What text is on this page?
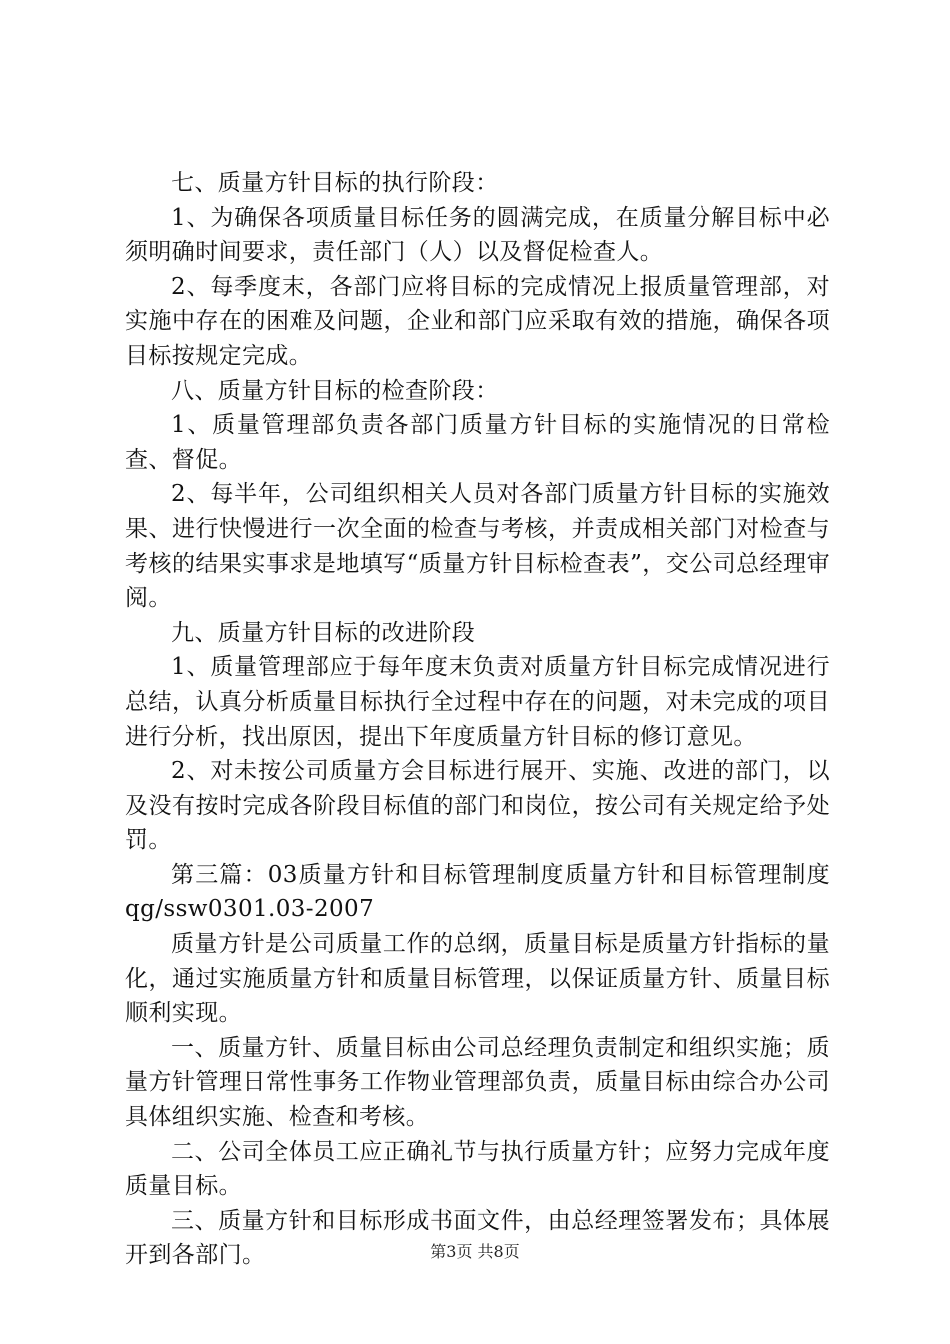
七、质量方针目标的执行阶段：

1、为确保各项质量目标任务的圆满完成，在质量分解目标中必须明确时间要求，责任部门（人）以及督促检查人。

2、每季度末，各部门应将目标的完成情况上报质量管理部，对实施中存在的困难及问题，企业和部门应采取有效的措施，确保各项目标按规定完成。

八、质量方针目标的检查阶段：

1、质量管理部负责各部门质量方针目标的实施情况的日常检查、督促。

2、每半年，公司组织相关人员对各部门质量方针目标的实施效果、进行快慢进行一次全面的检查与考核，并责成相关部门对检查与考核的结果实事求是地填写“质量方针目标检查表”，交公司总经理审阅。

九、质量方针目标的改进阶段

1、质量管理部应于每年度末负责对质量方针目标完成情况进行总结，认真分析质量目标执行全过程中存在的问题，对未完成的项目进行分析，找出原因，提出下年度质量方针目标的修订意见。

2、对未按公司质量方会目标进行展开、实施、改进的部门，以及没有按时完成各阶段目标值的部门和岗位，按公司有关规定给予处罚。

第三篇：03质量方针和目标管理制度质量方针和目标管理制度qg/ssw0301.03-2007

质量方针是公司质量工作的总纲，质量目标是质量方针指标的量化，通过实施质量方针和质量目标管理，以保证质量方针、质量目标顺利实现。

一、质量方针、质量目标由公司总经理负责制定和组织实施；质量方针管理日常性事务工作物业管理部负责，质量目标由综合办公司具体组织实施、检查和考核。

二、公司全体员工应正确礼节与执行质量方针；应努力完成年度质量目标。

三、质量方针和目标形成书面文件，由总经理签署发布；具体展开到各部门。	第3页 共8页
